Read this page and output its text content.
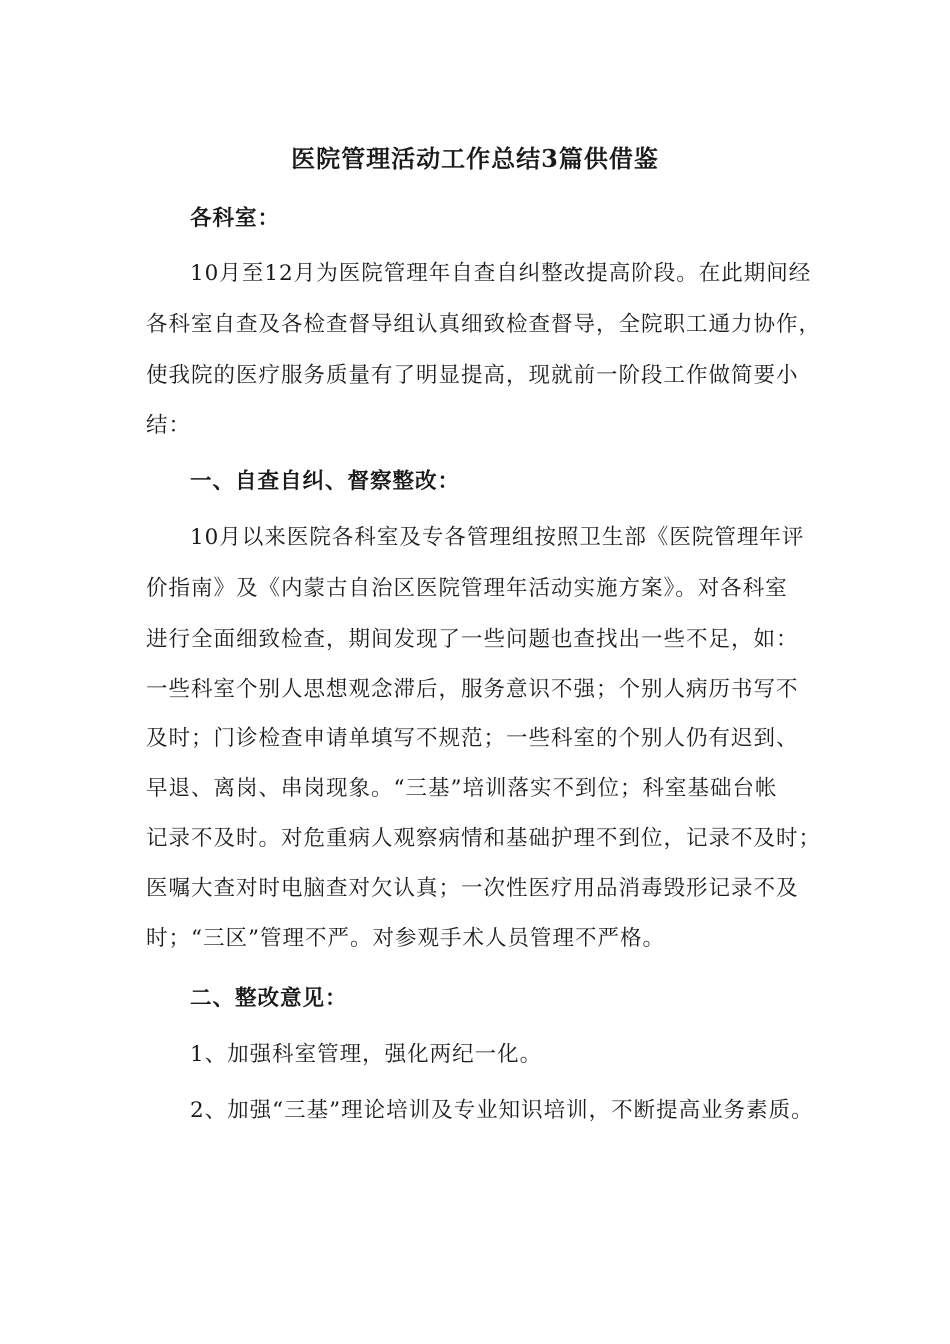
医院管理活动工作总结3篇供借鉴
各科室：
10月至12月为医院管理年自查自纠整改提高阶段。在此期间经
各科室自查及各检查督导组认真细致检查督导，全院职工通力协作，
使我院的医疗服务质量有了明显提高，现就前一阶段工作做简要小
结：
一、自查自纠、督察整改：
10月以来医院各科室及专各管理组按照卫生部《医院管理年评
价指南》及《内蒙古自治区医院管理年活动实施方案》。对各科室
进行全面细致检查，期间发现了一些问题也查找出一些不足，如：
一些科室个别人思想观念滞后，服务意识不强；个别人病历书写不
及时；门诊检查申请单填写不规范；一些科室的个别人仍有迟到、
早退、离岗、串岗现象。“三基”培训落实不到位；科室基础台帐
记录不及时。对危重病人观察病情和基础护理不到位，记录不及时；
医嘱大查对时电脑查对欠认真；一次性医疗用品消毒毁形记录不及
时；“三区”管理不严。对参观手术人员管理不严格。
二、整改意见：
1、加强科室管理，强化两纪一化。
2、加强“三基”理论培训及专业知识培训，不断提高业务素质。
